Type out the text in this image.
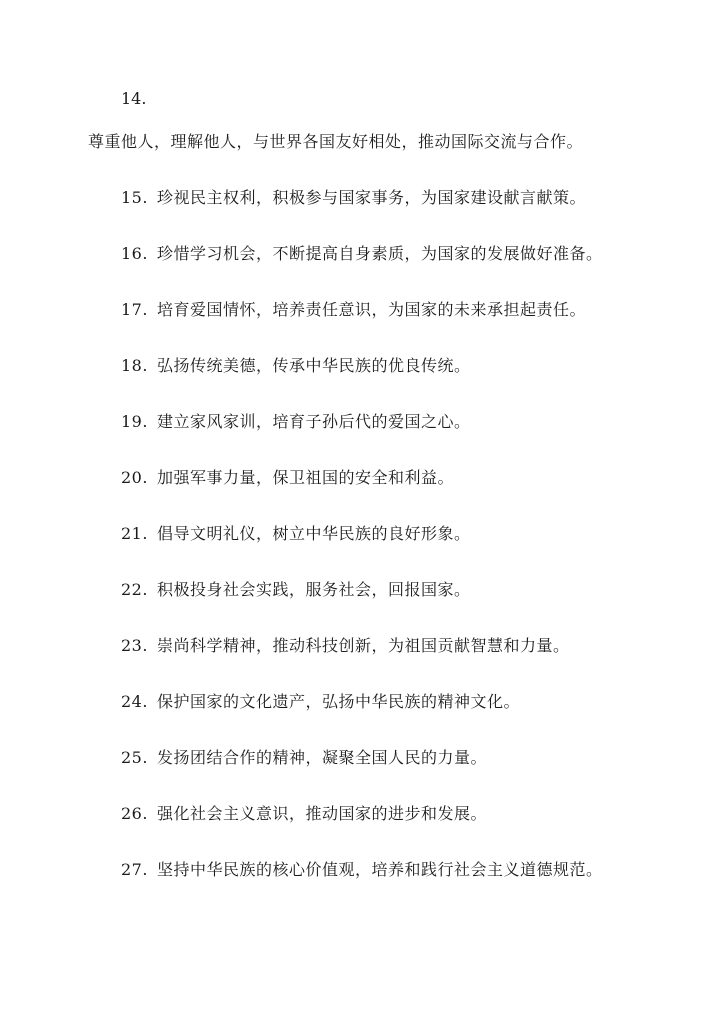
14.
尊重他人，理解他人，与世界各国友好相处，推动国际交流与合作。
15. 珍视民主权利，积极参与国家事务，为国家建设献言献策。
16. 珍惜学习机会，不断提高自身素质，为国家的发展做好准备。
17. 培育爱国情怀，培养责任意识，为国家的未来承担起责任。
18. 弘扬传统美德，传承中华民族的优良传统。
19. 建立家风家训，培育子孙后代的爱国之心。
20. 加强军事力量，保卫祖国的安全和利益。
21. 倡导文明礼仪，树立中华民族的良好形象。
22. 积极投身社会实践，服务社会，回报国家。
23. 崇尚科学精神，推动科技创新，为祖国贡献智慧和力量。
24. 保护国家的文化遗产，弘扬中华民族的精神文化。
25. 发扬团结合作的精神，凝聚全国人民的力量。
26. 强化社会主义意识，推动国家的进步和发展。
27. 坚持中华民族的核心价值观，培养和践行社会主义道德规范。
